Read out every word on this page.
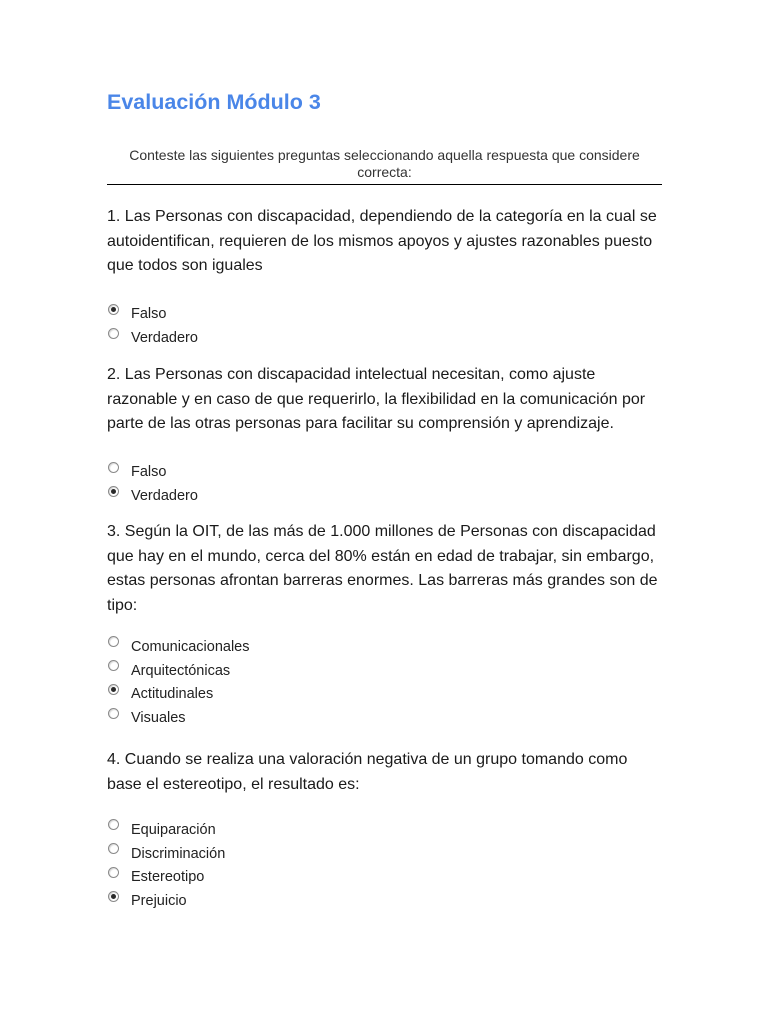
Evaluación Módulo 3
Conteste las siguientes preguntas seleccionando aquella respuesta que considere correcta:

1. Las Personas con discapacidad, dependiendo de la categoría en la cual se autoidentifican, requieren de los mismos apoyos y ajustes razonables puesto que todos son iguales

Falso
Verdadero

2. Las Personas con discapacidad intelectual necesitan, como ajuste razonable y en caso de que requerirlo, la flexibilidad en la comunicación por parte de las otras personas para facilitar su comprensión y aprendizaje.

Falso
Verdadero

3. Según la OIT, de las más de 1.000 millones de Personas con discapacidad que hay en el mundo, cerca del 80% están en edad de trabajar, sin embargo, estas personas afrontan barreras enormes. Las barreras más grandes son de tipo:

Comunicacionales
Arquitectónicas
Actitudinales
Visuales

4. Cuando se realiza una valoración negativa de un grupo tomando como base el estereotipo, el resultado es:

Equiparación
Discriminación
Estereotipo
Prejuicio
